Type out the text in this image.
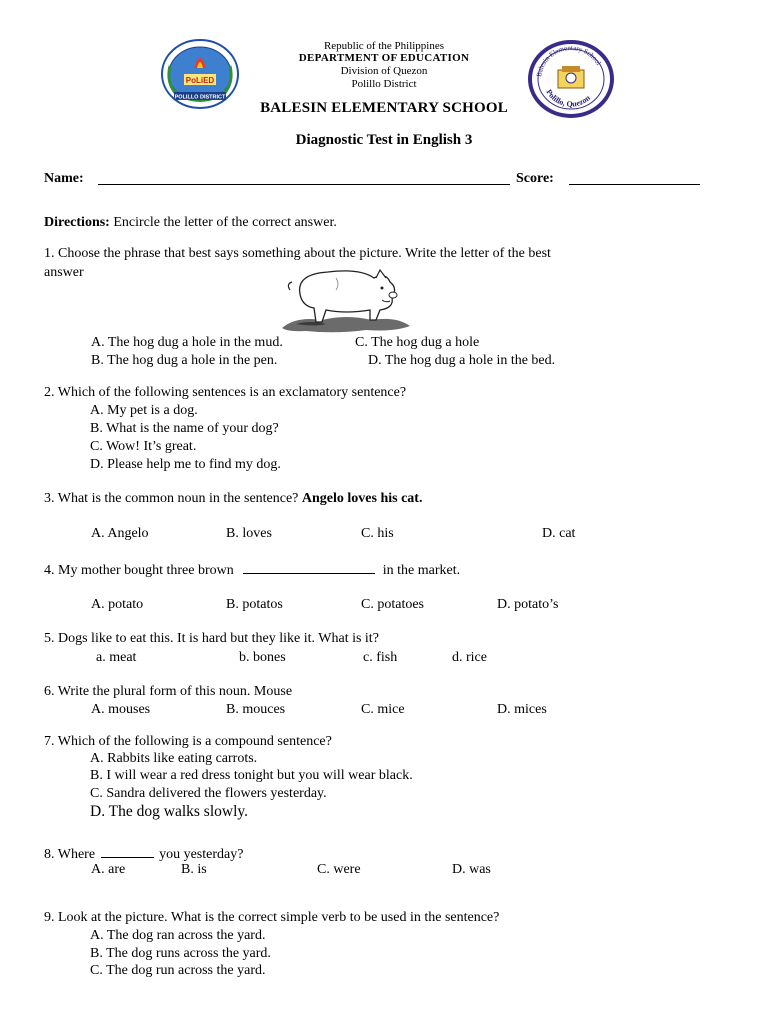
PoLiED
POLILLO DISTRICT
Balesin Elementary School
Polillo, Quezon
Republic of the Philippines
DEPARTMENT OF EDUCATION
Division of Quezon
Polillo District
BALESIN ELEMENTARY SCHOOL
Diagnostic Test in English 3
Name:	Score:
Directions: Encircle the letter of the correct answer.
1. Choose the phrase that best says something about the picture. Write the letter of the best
answer
A. The hog dug a hole in the mud.	C. The hog dug a hole
B. The hog dug a hole in the pen.	D. The hog dug a hole in the bed.
2. Which of the following sentences is an exclamatory sentence?
A. My pet is a dog.
B. What is the name of your dog?
C. Wow! It’s great.
D. Please help me to find my dog.
3. What is the common noun in the sentence? Angelo loves his cat.
A. Angelo	B. loves	C. his	D. cat
4. My mother bought three brown	in the market.
A. potato	B. potatos	C. potatoes	D. potato’s
5. Dogs like to eat this. It is hard but they like it. What is it?
a. meat	b. bones	c. fish	d. rice
6. Write the plural form of this noun. Mouse
A. mouses	B. mouces	C. mice	D. mices
7. Which of the following is a compound sentence?
A. Rabbits like eating carrots.
B. I will wear a red dress tonight but you will wear black.
C. Sandra delivered the flowers yesterday.
D. The dog walks slowly.
8. Where	you yesterday?
A. are	B. is	C. were	D. was
9. Look at the picture. What is the correct simple verb to be used in the sentence?
A. The dog ran across the yard.
B. The dog runs across the yard.
C. The dog run across the yard.
